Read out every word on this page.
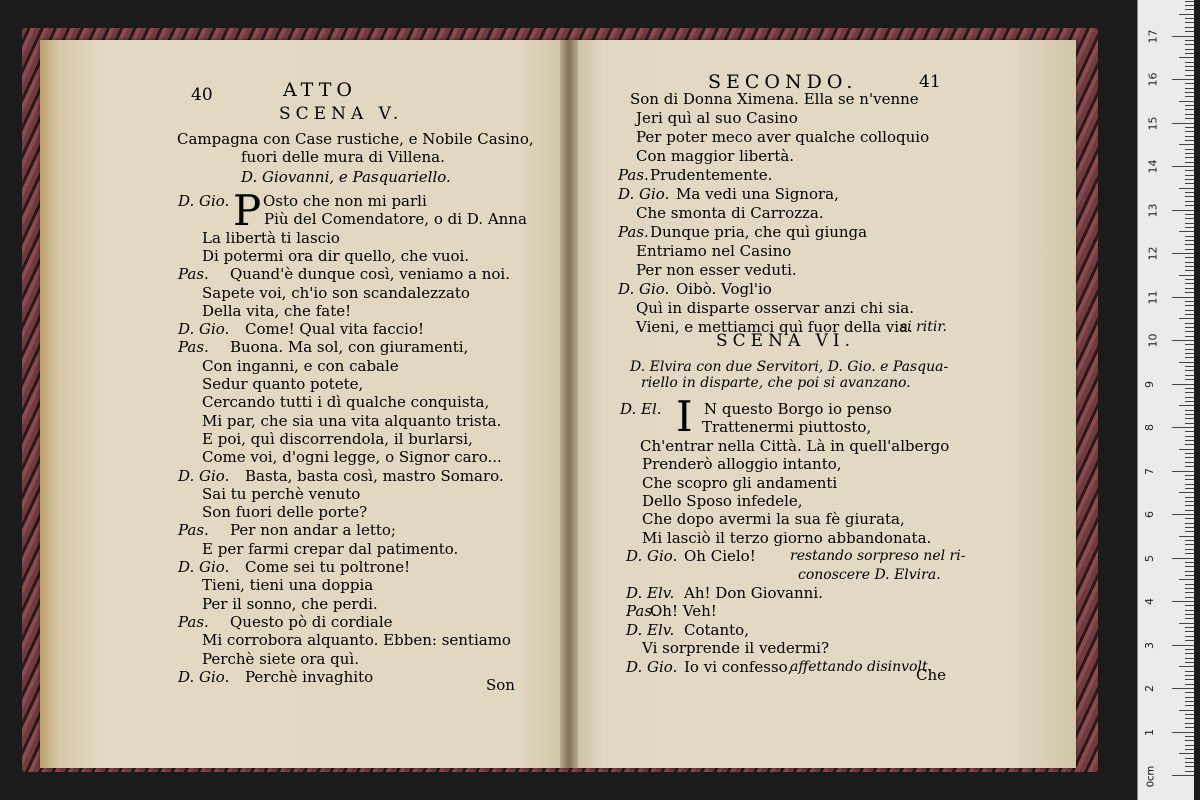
40	ATTO
SCENA V.
Campagna con Case rustiche, e Nobile Casino,
fuori delle mura di Villena.
D. Giovanni, e Pasquariello.
P
D. Gio. Osto che non mi parli
Più del Comendatore, o di D. Anna
La libertà ti lascio
Di potermi ora dir quello, che vuoi.
Pas. Quand'è dunque così, veniamo a noi.
Sapete voi, ch'io son scandalezzato
Della vita, che fate!
D. Gio. Come! Qual vita faccio!
Pas. Buona. Ma sol, con giuramenti,
Con inganni, e con cabale
Sedur quanto potete,
Cercando tutti i dì qualche conquista,
Mi par, che sia una vita alquanto trista.
E poi, quì discorrendola, il burlarsi,
Come voi, d'ogni legge, o Signor caro...
D. Gio. Basta, basta così, mastro Somaro.
Sai tu perchè venuto
Son fuori delle porte?
Pas. Per non andar a letto;
E per farmi crepar dal patimento.
D. Gio. Come sei tu poltrone!
Tieni, tieni una doppia
Per il sonno, che perdi.
Pas. Questo pò di cordiale
Mi corrobora alquanto. Ebben: sentiamo
Perchè siete ora quì.
D. Gio. Perchè invaghito	Son
SECONDO.	41
Son di Donna Ximena. Ella se n'venne
Jeri quì al suo Casino
Per poter meco aver qualche colloquio
Con maggior libertà.
Pas. Prudentemente.
D. Gio. Ma vedi una Signora,
Che smonta di Carrozza.
Pas. Dunque pria, che quì giunga
Entriamo nel Casino
Per non esser veduti.
D. Gio. Oibò. Vogl'io
Quì in disparte osservar anzi chi sia.
Vieni, e mettiamci quì fuor della via.
si ritir.
SCENA VI.
D. Elvira con due Servitori, D. Gio. e Pasqua-
riello in disparte, che poi si avanzano.
D. El. I N questo Borgo io penso
Trattenermi piuttosto,
Ch'entrar nella Città. Là in quell'albergo
Prenderò alloggio intanto,
Che scopro gli andamenti
Dello Sposo infedele,
Che dopo avermi la sua fè giurata,
Mi lasciò il terzo giorno abbandonata.
D. Gio. Oh Cielo! restando sorpreso nel ri-
conoscere D. Elvira.
D. Elv. Ah! Don Giovanni.
Pas.
Oh! Veh!
D. Elv. Cotanto,
Vi sorprende il vedermi?
D. Gio. Io vi confesso,
affettando disinvolt.
Che
0cm
17
16
15
14
13
12
11
10
9
8
7
6
5
4
3
2
1
